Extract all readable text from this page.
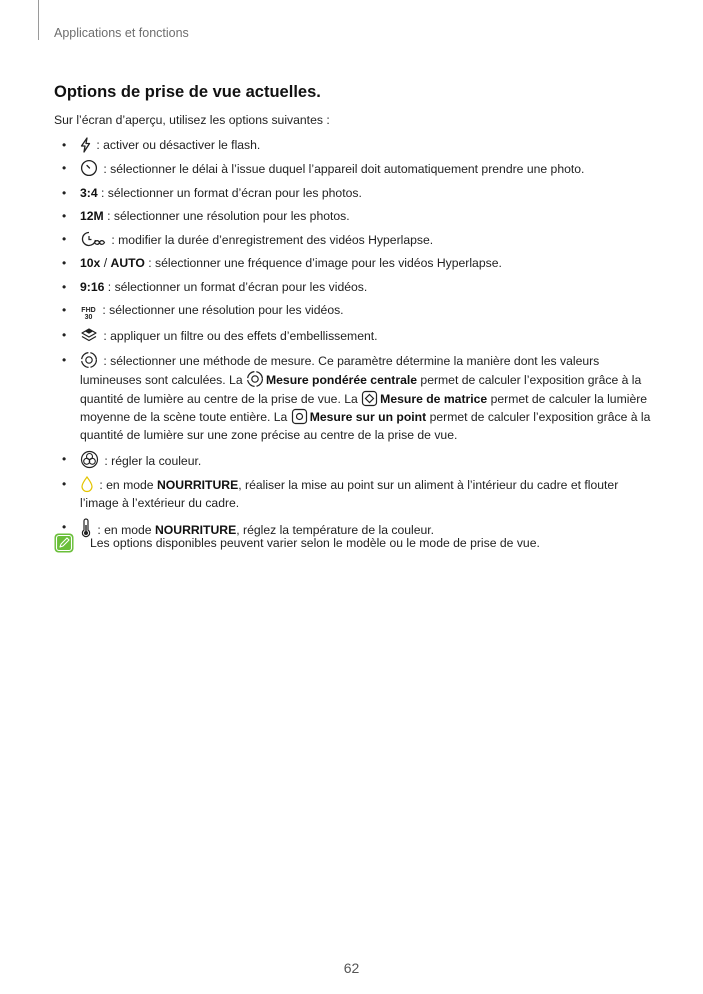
Applications et fonctions
Options de prise de vue actuelles.
Sur l’écran d’aperçu, utilisez les options suivantes :
• : activer ou désactiver le flash.
•	: sélectionner le délai à l’issue duquel l’appareil doit automatiquement prendre une photo.
• 3:4 : sélectionner un format d’écran pour les photos.
• 12M : sélectionner une résolution pour les photos.
•	: modifier la durée d’enregistrement des vidéos Hyperlapse.
• 10x / AUTO : sélectionner une fréquence d’image pour les vidéos Hyperlapse.
• 9:16 : sélectionner un format d’écran pour les vidéos.
• FHD
30 : sélectionner une résolution pour les vidéos.
•	: appliquer un filtre ou des effets d’embellissement.
•	: sélectionner une méthode de mesure. Ce paramètre détermine la manière dont les valeurs lumineuses sont calculées. La
Mesure pondérée centrale permet de calculer l’exposition grâce à la quantité de lumière au centre de la prise de vue. La
Mesure de matrice permet de calculer la lumière moyenne de la scène toute entière. La
Mesure sur un point permet de calculer l’exposition grâce à la quantité de lumière sur une zone précise au centre de la prise de vue.
•	: régler la couleur.
• : en mode NOURRITURE, réaliser la mise au point sur un aliment à l’intérieur du cadre et flouter l’image à l’extérieur du cadre.
• : en mode NOURRITURE, réglez la température de la couleur.
Les options disponibles peuvent varier selon le modèle ou le mode de prise de vue.
62
